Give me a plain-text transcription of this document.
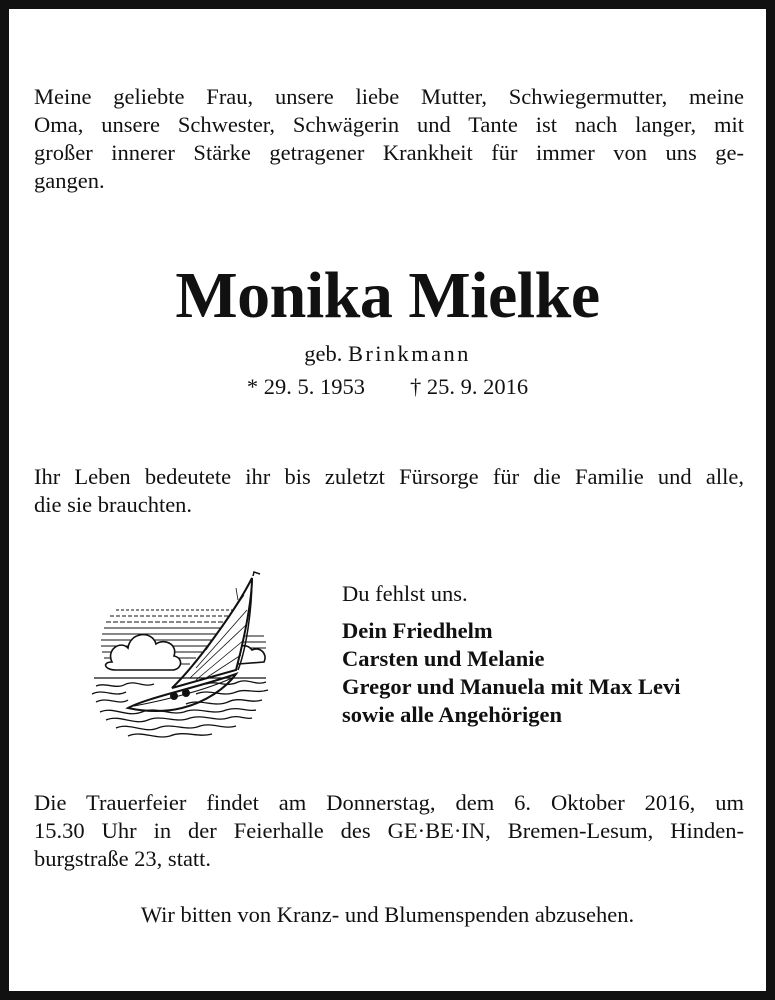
Meine geliebte Frau, unsere liebe Mutter, Schwiegermutter, meine
Oma, unsere Schwester, Schwägerin und Tante ist nach langer, mit
großer innerer Stärke getragener Krankheit für immer von uns ge-
gangen.
Monika Mielke
geb. Brinkmann
* 29. 5. 1953 † 25. 9. 2016
Ihr Leben bedeutete ihr bis zuletzt Fürsorge für die Familie und alle,
die sie brauchten.
Du fehlst uns.
Dein Friedhelm
Carsten und Melanie
Gregor und Manuela mit Max Levi
sowie alle Angehörigen
Die Trauerfeier findet am Donnerstag, dem 6. Oktober 2016, um
15.30 Uhr in der Feierhalle des GE·BE·IN, Bremen-Lesum, Hinden-
burgstraße 23, statt.
Wir bitten von Kranz- und Blumenspenden abzusehen.
